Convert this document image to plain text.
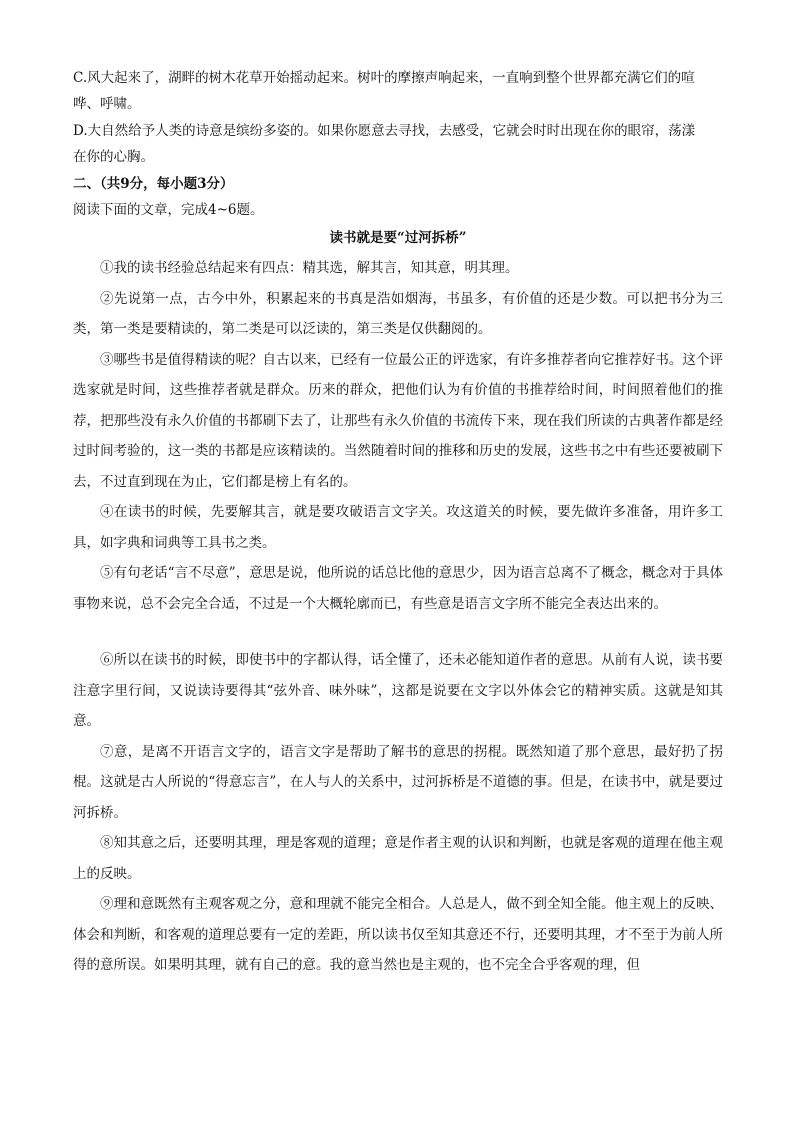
C.风大起来了，湖畔的树木花草开始摇动起来。树叶的摩擦声响起来，一直响到整个世界都充满它们的喧

哗、呼啸。

D.大自然给予人类的诗意是缤纷多姿的。如果你愿意去寻找，去感受，它就会时时出现在你的眼帘，荡漾

在你的心胸。

二、（共9分，每小题3分）

阅读下面的文章，完成4~6题。

读书就是要“过河拆桥”

①我的读书经验总结起来有四点：精其选，解其言，知其意，明其理。

②先说第一点，古今中外，积累起来的书真是浩如烟海，书虽多，有价值的还是少数。可以把书分为三类，第一类是要精读的，第二类是可以泛读的，第三类是仅供翻阅的。

③哪些书是值得精读的呢？自古以来，已经有一位最公正的评选家，有许多推荐者向它推荐好书。这个评选家就是时间，这些推荐者就是群众。历来的群众，把他们认为有价值的书推荐给时间，时间照着他们的推荐，把那些没有永久价值的书都刷下去了，让那些有永久价值的书流传下来，现在我们所读的古典著作都是经过时间考验的，这一类的书都是应该精读的。当然随着时间的推移和历史的发展，这些书之中有些还要被刷下去，不过直到现在为止，它们都是榜上有名的。

④在读书的时候，先要解其言，就是要攻破语言文字关。攻这道关的时候，要先做许多准备，用许多工具，如字典和词典等工具书之类。

⑤有句老话“言不尽意”，意思是说，他所说的话总比他的意思少，因为语言总离不了概念，概念对于具体事物来说，总不会完全合适，不过是一个大概轮廓而已，有些意是语言文字所不能完全表达出来的。

⑥所以在读书的时候，即使书中的字都认得，话全懂了，还未必能知道作者的意思。从前有人说，读书要注意字里行间，又说读诗要得其“弦外音、味外味”，这都是说要在文字以外体会它的精神实质。这就是知其意。

⑦意，是离不开语言文字的，语言文字是帮助了解书的意思的拐棍。既然知道了那个意思，最好扔了拐棍。这就是古人所说的“得意忘言”，在人与人的关系中，过河拆桥是不道德的事。但是，在读书中，就是要过河拆桥。

⑧知其意之后，还要明其理，理是客观的道理；意是作者主观的认识和判断，也就是客观的道理在他主观上的反映。

⑨理和意既然有主观客观之分，意和理就不能完全相合。人总是人，做不到全知全能。他主观上的反映、体会和判断，和客观的道理总要有一定的差距，所以读书仅至知其意还不行，还要明其理，才不至于为前人所得的意所误。如果明其理，就有自己的意。我的意当然也是主观的，也不完全合乎客观的理，但
